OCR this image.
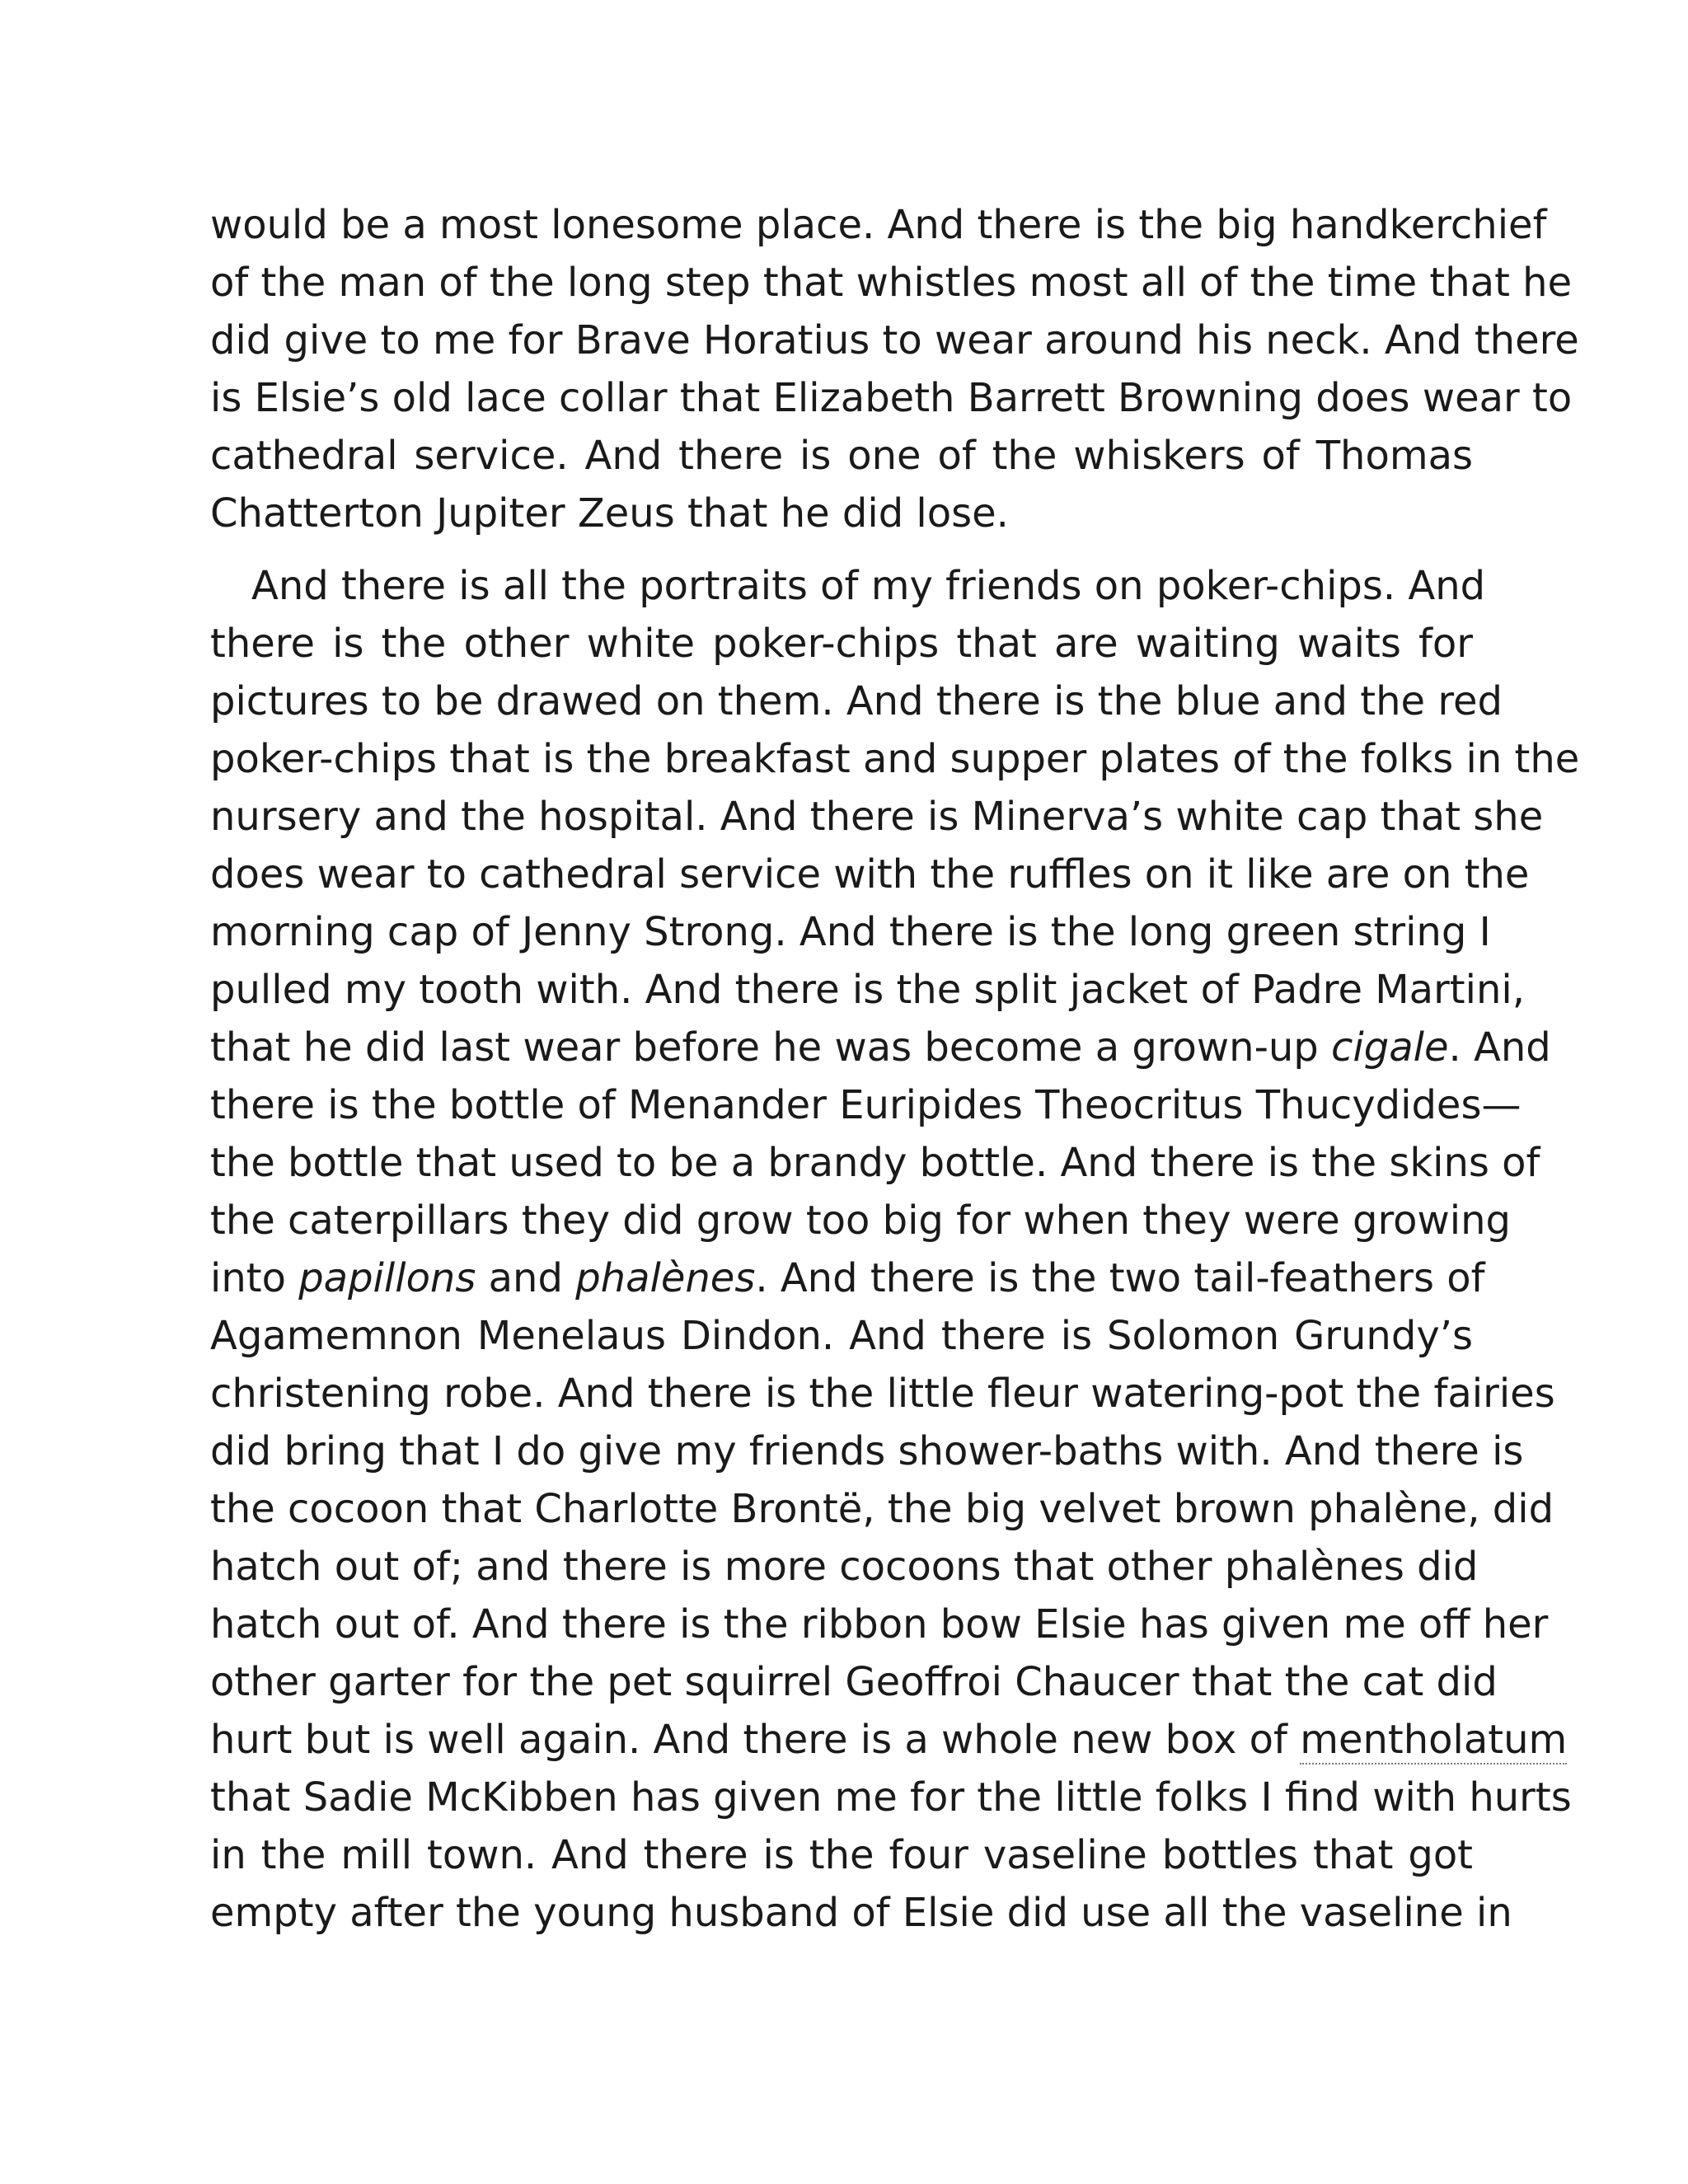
would be a most lonesome place. And there is the big handkerchief
of the man of the long step that whistles most all of the time that he
did give to me for Brave Horatius to wear around his neck. And there
is Elsie’s old lace collar that Elizabeth Barrett Browning does wear to
cathedral service. And there is one of the whiskers of Thomas
Chatterton Jupiter Zeus that he did lose.
And there is all the portraits of my friends on poker-chips. And
there is the other white poker-chips that are waiting waits for
pictures to be drawed on them. And there is the blue and the red
poker-chips that is the breakfast and supper plates of the folks in the
nursery and the hospital. And there is Minerva’s white cap that she
does wear to cathedral service with the ruffles on it like are on the
morning cap of Jenny Strong. And there is the long green string I
pulled my tooth with. And there is the split jacket of Padre Martini,
that he did last wear before he was become a grown-up cigale. And
there is the bottle of Menander Euripides Theocritus Thucydides—
the bottle that used to be a brandy bottle. And there is the skins of
the caterpillars they did grow too big for when they were growing
into papillons and phalènes. And there is the two tail-feathers of
Agamemnon Menelaus Dindon. And there is Solomon Grundy’s
christening robe. And there is the little fleur watering-pot the fairies
did bring that I do give my friends shower-baths with. And there is
the cocoon that Charlotte Brontë, the big velvet brown phalène, did
hatch out of; and there is more cocoons that other phalènes did
hatch out of. And there is the ribbon bow Elsie has given me off her
other garter for the pet squirrel Geoffroi Chaucer that the cat did
hurt but is well again. And there is a whole new box of mentholatum
that Sadie McKibben has given me for the little folks I find with hurts
in the mill town. And there is the four vaseline bottles that got
empty after the young husband of Elsie did use all the vaseline in
